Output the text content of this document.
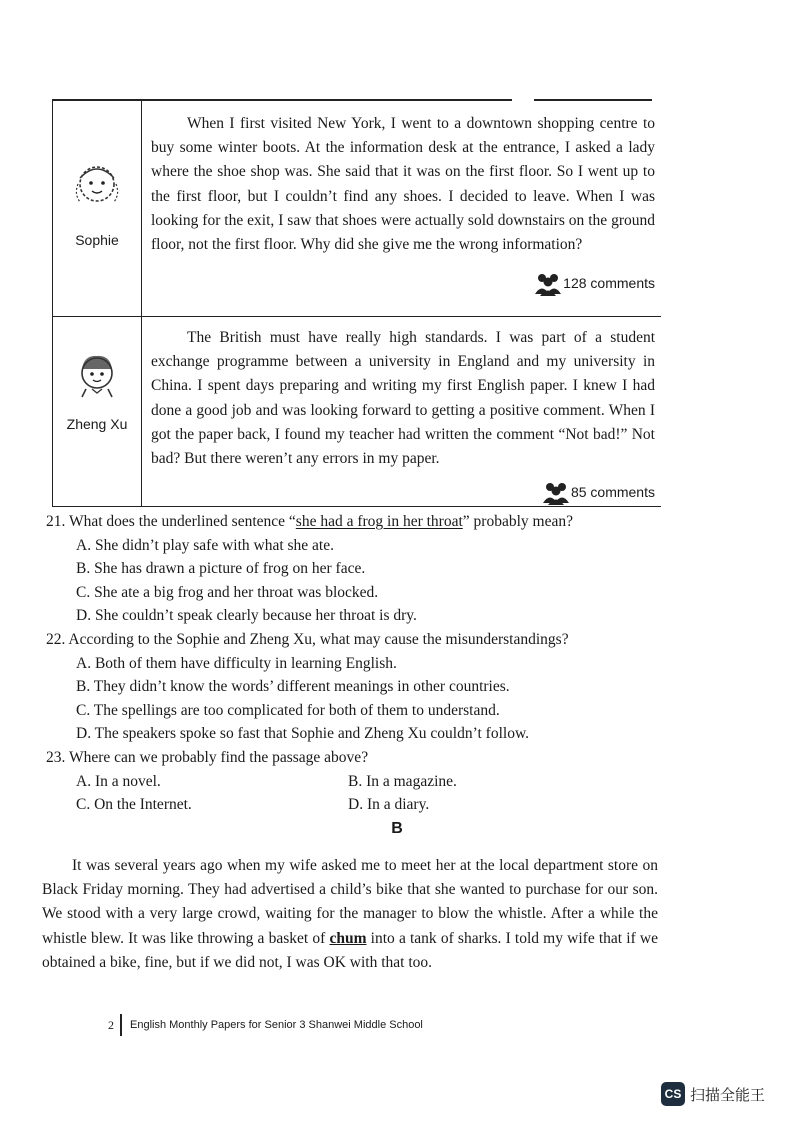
Sophie

When I first visited New York, I went to a downtown shopping centre to buy some winter boots. At the information desk at the entrance, I asked a lady where the shoe shop was. She said that it was on the first floor. So I went up to the first floor, but I couldn’t find any shoes. I decided to leave. When I was looking for the exit, I saw that shoes were actually sold downstairs on the ground floor, not the first floor. Why did she give me the wrong information?

128 comments
Zheng Xu

The British must have really high standards. I was part of a student exchange programme between a university in England and my university in China. I spent days preparing and writing my first English paper. I knew I had done a good job and was looking forward to getting a positive comment. When I got the paper back, I found my teacher had written the comment “Not bad!” Not bad? But there weren’t any errors in my paper.

85 comments

21. What does the underlined sentence “she had a frog in her throat” probably mean?

A. She didn’t play safe with what she ate.

B. She has drawn a picture of frog on her face.

C. She ate a big frog and her throat was blocked.

D. She couldn’t speak clearly because her throat is dry.

22. According to the Sophie and Zheng Xu, what may cause the misunderstandings?

A. Both of them have difficulty in learning English.

B. They didn’t know the words’ different meanings in other countries.

C. The spellings are too complicated for both of them to understand.

D. The speakers spoke so fast that Sophie and Zheng Xu couldn’t follow.

23. Where can we probably find the passage above?

A. In a novel.	B. In a magazine.
C. On the Internet.	D. In a diary.
B

It was several years ago when my wife asked me to meet her at the local department store on Black Friday morning. They had advertised a child’s bike that she wanted to purchase for our son. We stood with a very large crowd, waiting for the manager to blow the whistle. After a while the whistle blew. It was like throwing a basket of chum into a tank of sharks. I told my wife that if we obtained a bike, fine, but if we did not, I was OK with that too.

2 English Monthly Papers for Senior 3 Shanwei Middle School
CS 扫描全能王
